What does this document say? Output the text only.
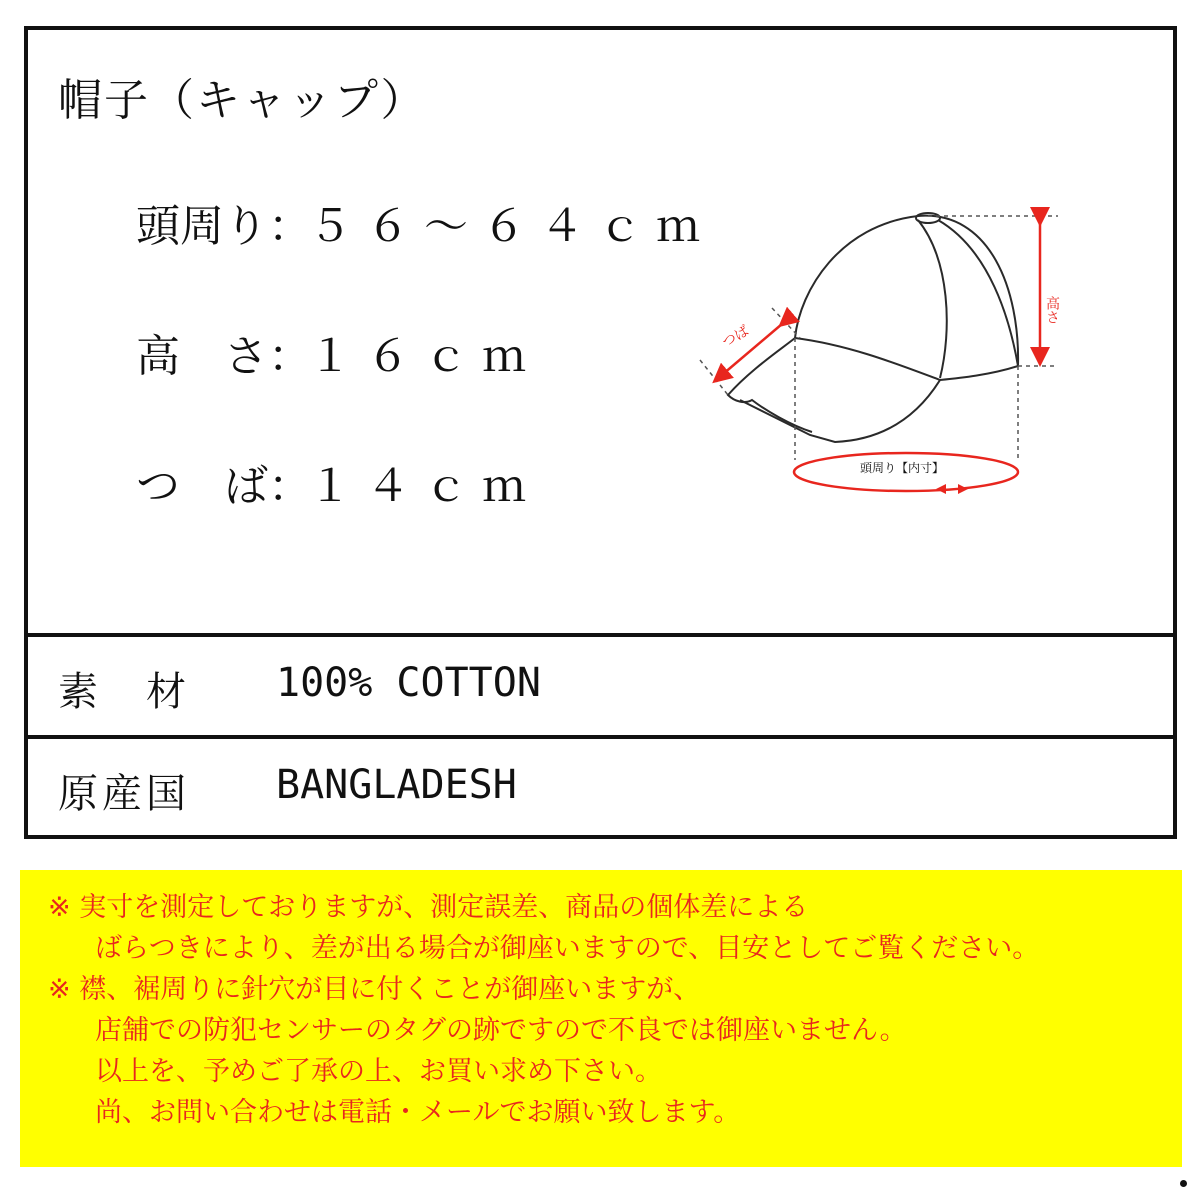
帽子（キャップ）
頭周り：５６～６４ｃｍ
高　さ：１６ｃｍ
つ　ば：１４ｃｍ
素　材 100% COTTON
原産国 BANGLADESH
高さ
つば
頭周り【内寸】
※ 実寸を測定しておりますが、測定誤差、商品の個体差による
ばらつきにより、差が出る場合が御座いますので、目安としてご覧ください。
※ 襟、裾周りに針穴が目に付くことが御座いますが、
店舗での防犯センサーのタグの跡ですので不良では御座いません。
以上を、予めご了承の上、お買い求め下さい。
尚、お問い合わせは電話・メールでお願い致します。
